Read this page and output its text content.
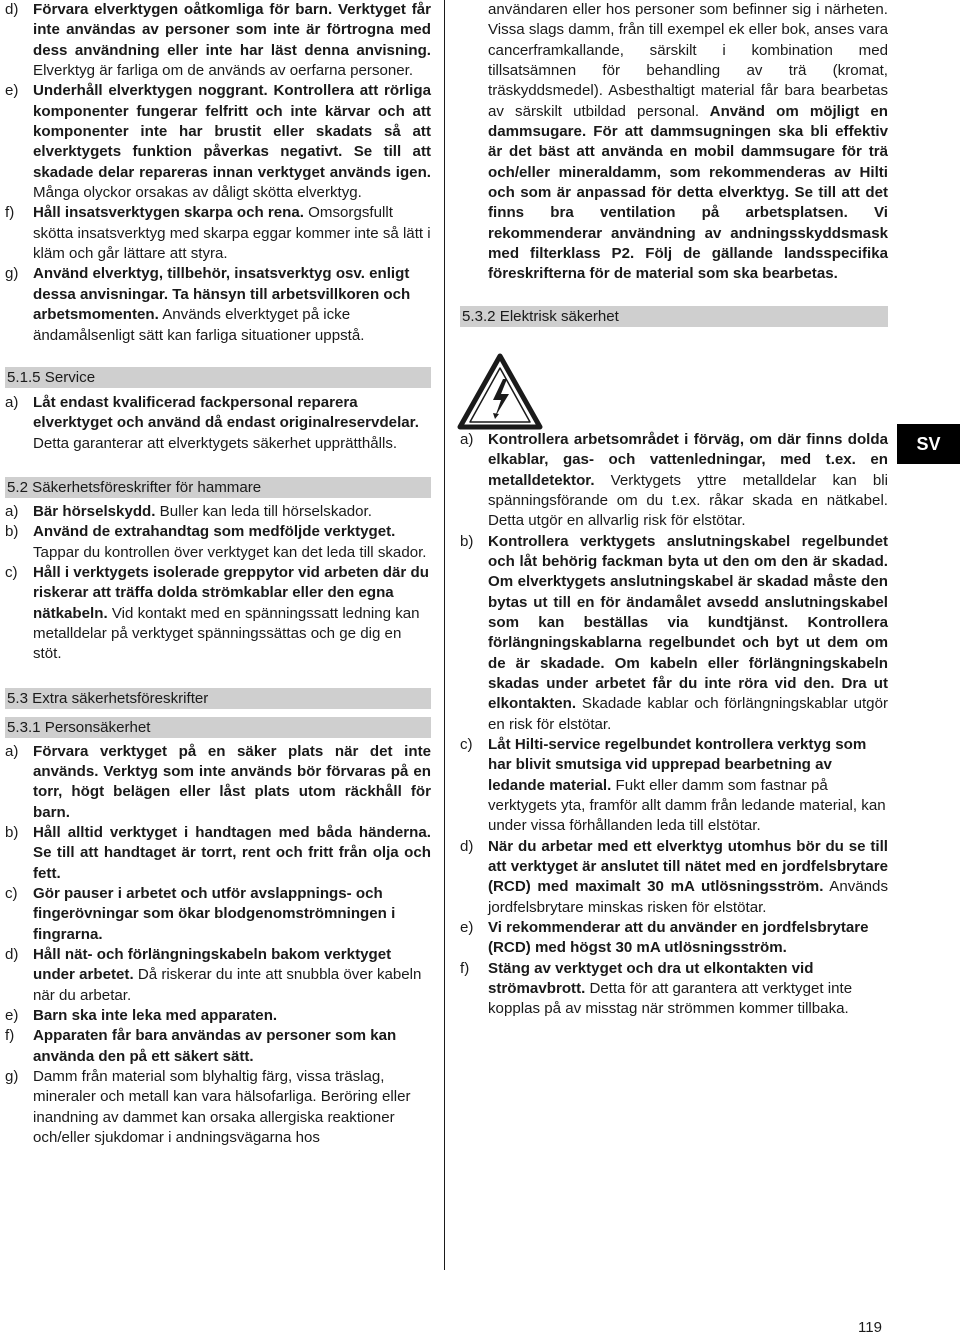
d) Förvara elverktygen oåtkomliga för barn. Verktyget får inte användas av personer som inte är förtrogna med dess användning eller inte har läst denna anvisning. Elverktyg är farliga om de används av oerfarna personer.
e) Underhåll elverktygen noggrant. Kontrollera att rörliga komponenter fungerar felfritt och inte kärvar och att komponenter inte har brustit eller skadats så att elverktygets funktion påverkas negativt. Se till att skadade delar repareras innan verktyget används igen. Många olyckor orsakas av dåligt skötta elverktyg.
f)	Håll insatsverktygen skarpa och rena. Omsorgsfullt skötta insatsverktyg med skarpa eggar kommer inte så lätt i kläm och går lättare att styra.
g) Använd elverktyg, tillbehör, insatsverktyg osv. enligt dessa anvisningar. Ta hänsyn till arbetsvillkoren och arbetsmomenten. Används elverktyget på icke ändamålsenligt sätt kan farliga situationer uppstå.
5.1.5 Service
a) Låt endast kvalificerad fackpersonal reparera elverktyget och använd då endast originalreservdelar. Detta garanterar att elverktygets säkerhet upprätthålls.
5.2 Säkerhetsföreskrifter för hammare
a) Bär hörselskydd. Buller kan leda till hörselskador.
b) Använd de extrahandtag som medföljde verktyget. Tappar du kontrollen över verktyget kan det leda till skador.
c)	Håll i verktygets isolerade greppytor vid arbeten där du riskerar att träffa dolda strömkablar eller den egna nätkabeln. Vid kontakt med en spänningssatt ledning kan metalldelar på verktyget spänningssättas och ge dig en stöt.
5.3 Extra säkerhetsföreskrifter
5.3.1 Personsäkerhet
a) Förvara verktyget på en säker plats när det inte används. Verktyg som inte används bör förvaras på en torr, högt belägen eller låst plats utom räckhåll för barn.
b) Håll alltid verktyget i handtagen med båda händerna. Se till att handtaget är torrt, rent och fritt från olja och fett.
c)	Gör pauser i arbetet och utför avslappnings- och fingerövningar som ökar blodgenomströmningen i fingrarna.
d) Håll nät- och förlängningskabeln bakom verktyget under arbetet. Då riskerar du inte att snubbla över kabeln när du arbetar.
e) Barn ska inte leka med apparaten.
f)	Apparaten får bara användas av personer som kan använda den på ett säkert sätt.
g) Damm från material som blyhaltig färg, vissa träslag, mineraler och metall kan vara hälsofarliga. Beröring eller inandning av dammet kan orsaka allergiska reaktioner och/eller sjukdomar i andningsvägarna hos
användaren eller hos personer som befinner sig i närheten. Vissa slags damm, från till exempel ek eller bok, anses vara cancerframkallande, särskilt i kombination med tillsatsämnen för behandling av trä (kromat, träskyddsmedel). Asbesthaltigt material får bara bearbetas av särskilt utbildad personal. Använd om möjligt en dammsugare. För att dammsugningen ska bli effektiv är det bäst att använda en mobil dammsugare för trä och/eller mineraldamm, som rekommenderas av Hilti och som är anpassad för detta elverktyg. Se till att det finns bra ventilation på arbetsplatsen. Vi rekommenderar användning av andningsskyddsmask med filterklass P2. Följ de gällande landsspecifika föreskrifterna för de material som ska bearbetas.
5.3.2 Elektrisk säkerhet
a) Kontrollera arbetsområdet i förväg, om där finns dolda elkablar, gas- och vattenledningar, med t.ex. en metalldetektor. Verktygets yttre metalldelar kan bli spänningsförande om du t.ex. råkar skada en nätkabel. Detta utgör en allvarlig risk för elstötar.
b) Kontrollera verktygets anslutningskabel regelbundet och låt behörig fackman byta ut den om den är skadad. Om elverktygets anslutningskabel är skadad måste den bytas ut till en för ändamålet avsedd anslutningskabel som kan beställas via kundtjänst. Kontrollera förlängningskablarna regelbundet och byt ut dem om de är skadade. Om kabeln eller förlängningskabeln skadas under arbetet får du inte röra vid den. Dra ut elkontakten. Skadade kablar och förlängningskablar utgör en risk för elstötar.
c)	Låt Hilti-service regelbundet kontrollera verktyg som har blivit smutsiga vid upprepad bearbetning av ledande material. Fukt eller damm som fastnar på verktygets yta, framför allt damm från ledande material, kan under vissa förhållanden leda till elstötar.
d) När du arbetar med ett elverktyg utomhus bör du se till att verktyget är anslutet till nätet med en jordfelsbrytare (RCD) med maximalt 30 mA utlösningsström. Används jordfelsbrytare minskas risken för elstötar.
e) Vi rekommenderar att du använder en jordfelsbrytare (RCD) med högst 30 mA utlösningsström.
f)	Stäng av verktyget och dra ut elkontakten vid strömavbrott. Detta för att garantera att verktyget inte kopplas på av misstag när strömmen kommer tillbaka.
SV
119
